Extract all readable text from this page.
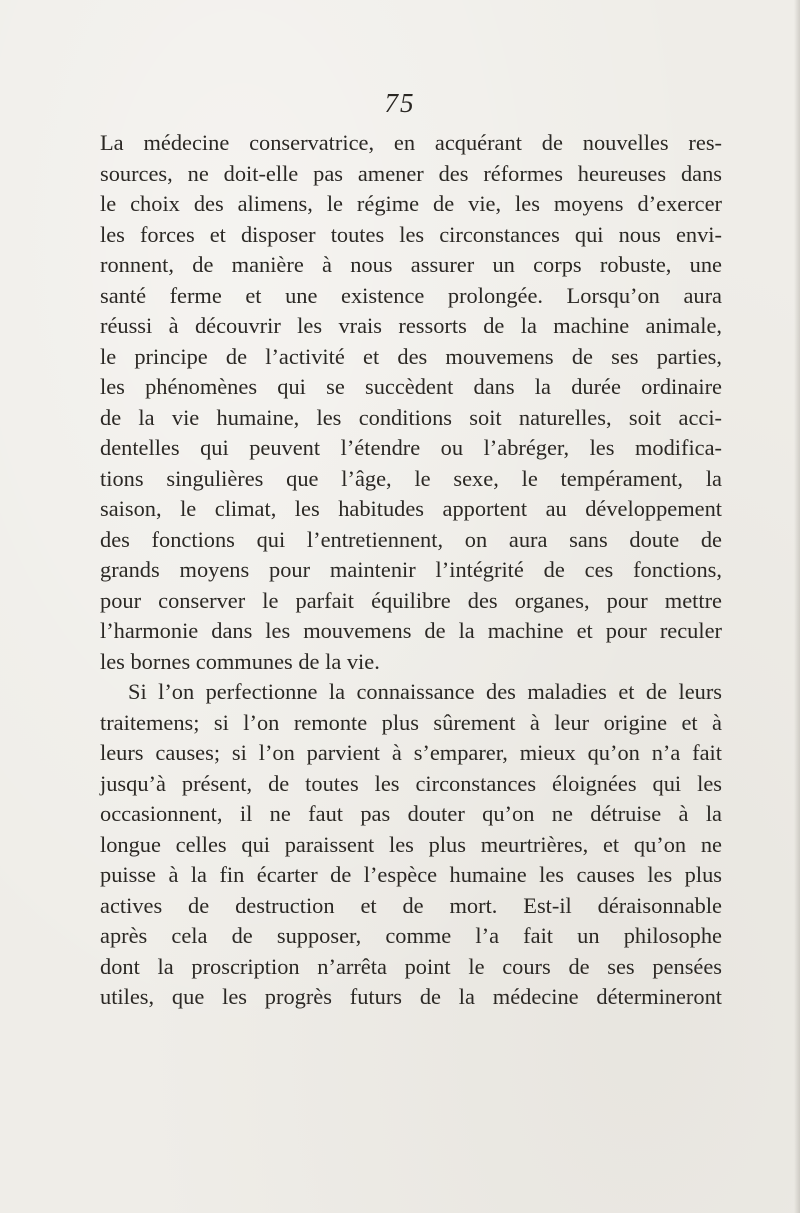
75
La médecine conservatrice, en acquérant de nouvelles res-
sources, ne doit-elle pas amener des réformes heureuses dans
le choix des alimens, le régime de vie, les moyens d’exercer
les forces et disposer toutes les circonstances qui nous envi-
ronnent, de manière à nous assurer un corps robuste, une
santé ferme et une existence prolongée. Lorsqu’on aura
réussi à découvrir les vrais ressorts de la machine animale,
le principe de l’activité et des mouvemens de ses parties,
les phénomènes qui se succèdent dans la durée ordinaire
de la vie humaine, les conditions soit naturelles, soit acci-
dentelles qui peuvent l’étendre ou l’abréger, les modifica-
tions singulières que l’âge, le sexe, le tempérament, la
saison, le climat, les habitudes apportent au développement
des fonctions qui l’entretiennent, on aura sans doute de
grands moyens pour maintenir l’intégrité de ces fonctions,
pour conserver le parfait équilibre des organes, pour mettre
l’harmonie dans les mouvemens de la machine et pour reculer
les bornes communes de la vie.
Si l’on perfectionne la connaissance des maladies et de leurs
traitemens; si l’on remonte plus sûrement à leur origine et à
leurs causes; si l’on parvient à s’emparer, mieux qu’on n’a fait
jusqu’à présent, de toutes les circonstances éloignées qui les
occasionnent, il ne faut pas douter qu’on ne détruise à la
longue celles qui paraissent les plus meurtrières, et qu’on ne
puisse à la fin écarter de l’espèce humaine les causes les plus
actives de destruction et de mort. Est-il déraisonnable
après cela de supposer, comme l’a fait un philosophe
dont la proscription n’arrêta point le cours de ses pensées
utiles, que les progrès futurs de la médecine détermineront
